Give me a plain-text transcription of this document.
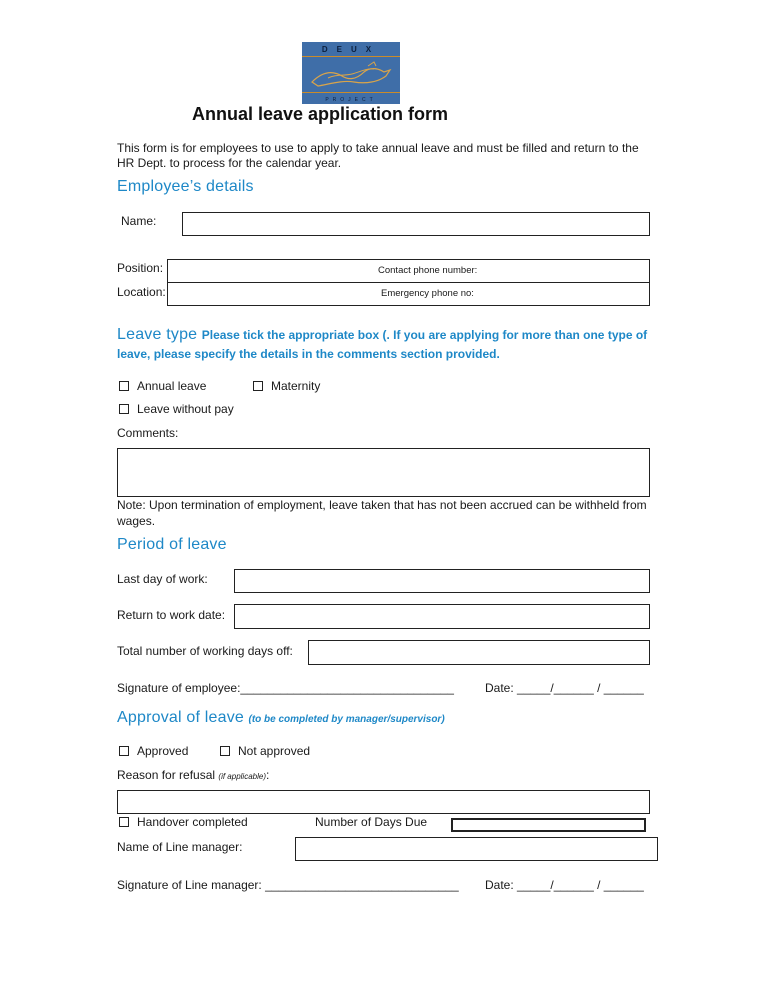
DEUX
PROJECT
Annual leave application form
This form is for employees to use to apply to take annual leave and must be filled and return to the HR Dept. to process for the calendar year.
Employee’s details
Name:
Position:
Location:
Contact phone number:
Emergency phone no:
Leave type Please tick the appropriate box (. If you are applying for more than one type of
leave, please specify the details in the comments section provided.
Annual leave	Maternity
Leave without pay
Comments:
Note: Upon termination of employment, leave taken that has not been accrued can be withheld from
wages.
Period of leave
Last day of work:
Return to work date:
Total number of working days off:
Signature of employee:________________________________	Date: _____/______ / ______
Approval of leave (to be completed by manager/supervisor)
Approved	Not approved
Reason for refusal (if applicable):
Handover completed	Number of Days Due
Name of Line manager:
Signature of Line manager: _____________________________ Date: _____/______ / ______
